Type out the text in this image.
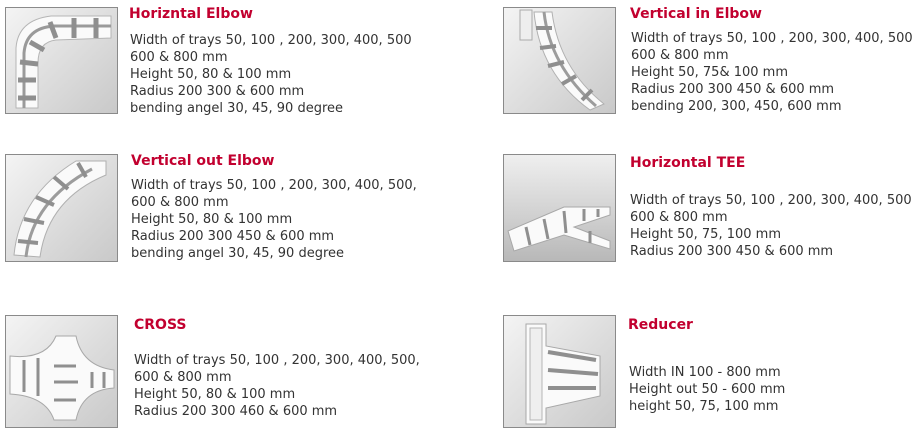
Horizntal Elbow
Width of trays 50, 100 , 200, 300, 400, 500
600 & 800 mm
Height 50, 80 & 100 mm
Radius 200 300 & 600 mm
bending angel 30, 45, 90 degree
Vertical in Elbow
Width of trays 50, 100 , 200, 300, 400, 500
600 & 800 mm
Height 50, 75& 100 mm
Radius 200 300 450 & 600 mm
bending 200, 300, 450, 600 mm
Vertical out Elbow
Width of trays 50, 100 , 200, 300, 400, 500,
600 & 800 mm
Height 50, 80 & 100 mm
Radius 200 300 450 & 600 mm
bending angel 30, 45, 90 degree
Horizontal TEE
Width of trays 50, 100 , 200, 300, 400, 500
600 & 800 mm
Height 50, 75, 100 mm
Radius 200 300 450 & 600 mm
CROSS
Width of trays 50, 100 , 200, 300, 400, 500,
600 & 800 mm
Height 50, 80 & 100 mm
Radius 200 300 460 & 600 mm
Reducer
Width IN 100 - 800 mm
Height out 50 - 600 mm
height 50, 75, 100 mm
